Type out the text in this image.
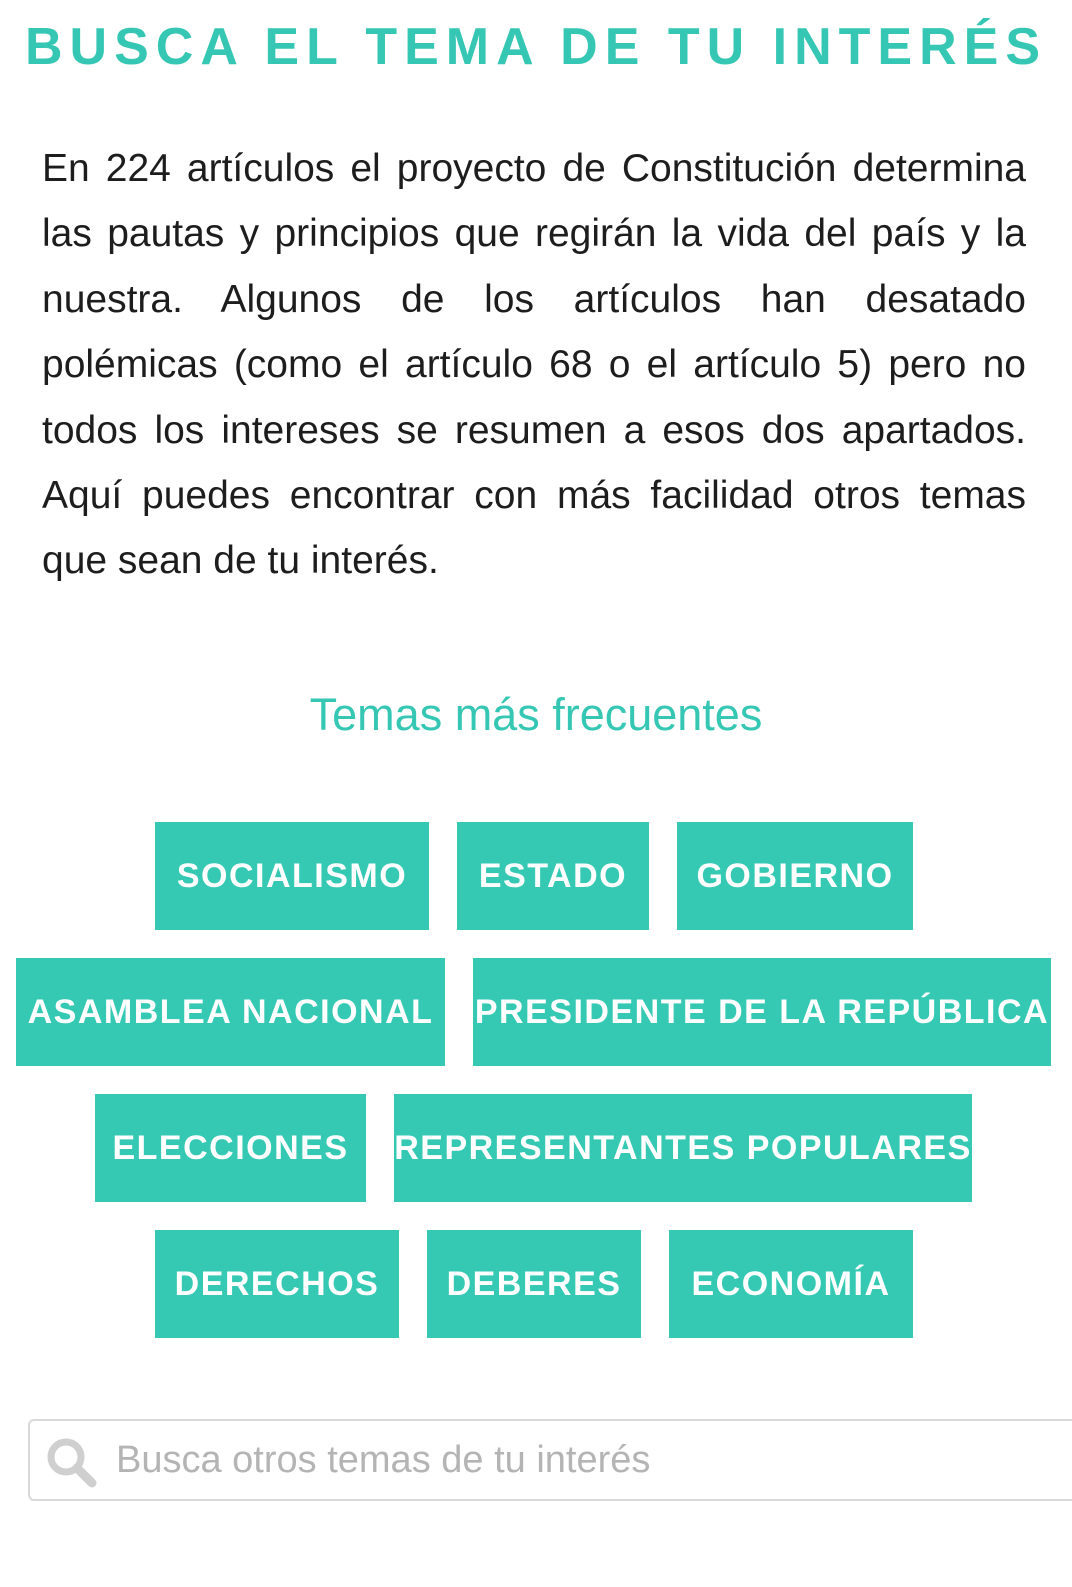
BUSCA EL TEMA DE TU INTERÉS

En 224 artículos el proyecto de Constitución determina las pautas y principios que regirán la vida del país y la nuestra. Algunos de los artículos han desatado polémicas (como el artículo 68 o el artículo 5) pero no todos los intereses se resumen a esos dos apartados. Aquí puedes encontrar con más facilidad otros temas que sean de tu interés.

Temas más frecuentes
SOCIALISMO	ESTADO	GOBIERNO
ASAMBLEA NACIONAL	PRESIDENTE DE LA REPÚBLICA
ELECCIONES	REPRESENTANTES POPULARES
DERECHOS	DEBERES	ECONOMÍA
Busca otros temas de tu interés
